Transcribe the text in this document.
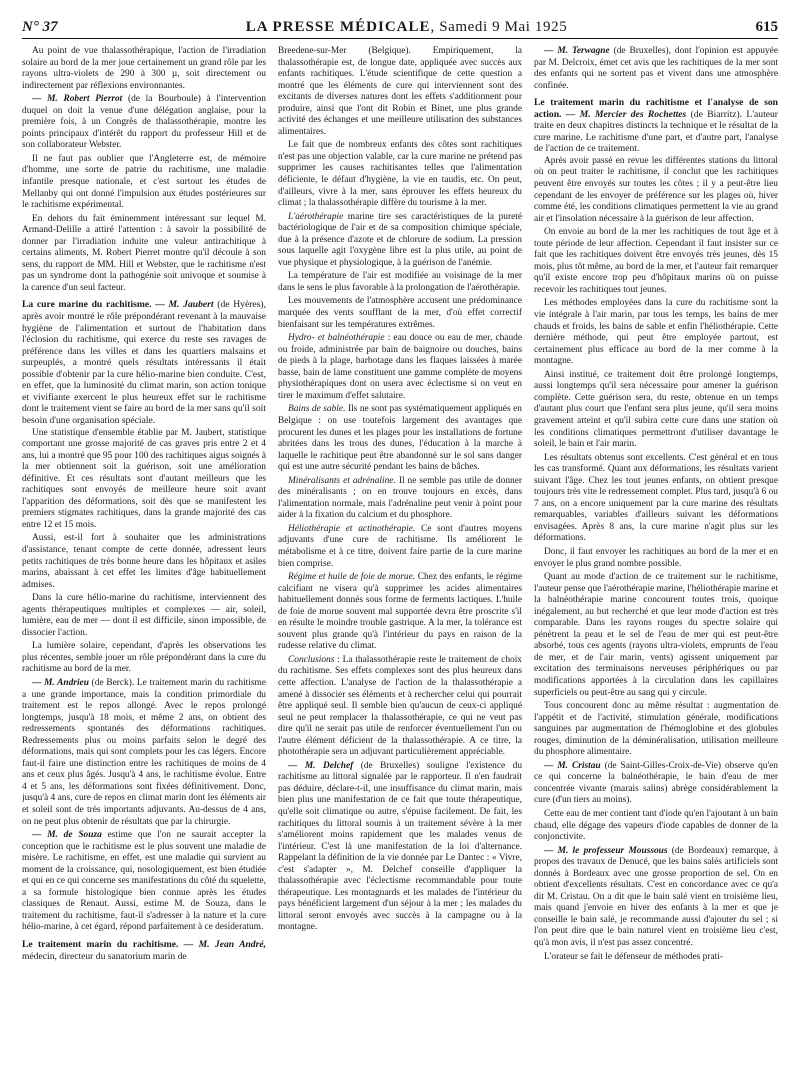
N° 37	LA PRESSE MÉDICALE, Samedi 9 Mai 1925	615

Au point de vue thalassothérapique, l'action de l'irradiation solaire au bord de la mer joue certainement un grand rôle par les rayons ultra-violets de 290 à 300 µ, soit directement ou indirectement par réflexions environnantes.

— M. Robert Pierrot (de la Bourboule) à l'intervention duquel on doit la venue d'une délégation anglaise, pour la première fois, à un Congrès de thalassothérapie, montre les points principaux d'intérêt du rapport du professeur Hill et de son collaborateur Webster.

Il ne faut pas oublier que l'Angleterre est, de mémoire d'homme, une sorte de patrie du rachitisme, une maladie infantile presque nationale, et c'est surtout les études de Mellanby qui ont donné l'impulsion aux études postérieures sur le rachitisme expérimental.

En dehors du fait éminemment intéressant sur lequel M. Armand-Delille a attiré l'attention : à savoir la possibilité de donner par l'irradiation induite une valeur antirachitique à certains aliments, M. Robert Pierret montre qu'il découle à son sens, du rapport de MM. Hill et Webster, que le rachitisme n'est pas un syndrome dont la pathogénie soit univoque et soumise à la carence d'un seul facteur.

La cure marine du rachitisme. — M. Jaubert (de Hyères), après avoir montré le rôle prépondérant revenant à la mauvaise hygiène de l'alimentation et surtout de l'habitation dans l'éclosion du rachitisme, qui exerce du reste ses ravages de préférence dans les villes et dans les quartiers malsains et surpeuplés, a montré quels résultats intéressants il était possible d'obtenir par la cure hélio-marine bien conduite. C'est, en effet, que la luminosité du climat marin, son action tonique et vivifiante exercent le plus heureux effet sur le rachitisme dont le traitement vient se faire au bord de la mer sans qu'il soit besoin d'une organisation spéciale.

Une statistique d'ensemble établie par M. Jaubert, statistique comportant une grosse majorité de cas graves pris entre 2 et 4 ans, lui a montré que 95 pour 100 des rachitiques aigus soignés à la mer obtiennent soit la guérison, soit une amélioration définitive. Et ces résultats sont d'autant meilleurs que les rachitiques sont envoyés de meilleure heure soit avant l'apparition des déformations, soit dès que se manifestent les premiers stigmates rachitiques, dans la grande majorité des cas entre 12 et 15 mois.

Aussi, est-il fort à souhaiter que les administrations d'assistance, tenant compte de cette donnée, adressent leurs petits rachitiques de très bonne heure dans les hôpitaux et asiles marins, abaissant à cet effet les limites d'âge habituellement admises.

Dans la cure hélio-marine du rachitisme, interviennent des agents thérapeutiques multiples et complexes — air, soleil, lumière, eau de mer — dont il est difficile, sinon impossible, de dissocier l'action.

La lumière solaire, cependant, d'après les observations les plus récentes, semble jouer un rôle prépondérant dans la cure du rachitisme au bord de la mer.

— M. Andrieu (de Berck). Le traitement marin du rachitisme a une grande importance, mais la condition primordiale du traitement est le repos allongé. Avec le repos prolongé longtemps, jusqu'à 18 mois, et même 2 ans, on obtient des redressements spontanés des déformations rachitiques. Redressements plus ou moins parfaits selon le degré des déformations, mais qui sont complets pour les cas légers. Encore faut-il faire une distinction entre les rachitiques de moins de 4 ans et ceux plus âgés. Jusqu'à 4 ans, le rachitisme évolue. Entre 4 et 5 ans, les déformations sont fixées définitivement. Donc, jusqu'à 4 ans, cure de repos en climat marin dont les éléments air et soleil sont de très importants adjuvants. Au-dessus de 4 ans, on ne peut plus obtenir de résultats que par la chirurgie.

— M. de Souza estime que l'on ne saurait accepter la conception que le rachitisme est le plus souvent une maladie de misère. Le rachitisme, en effet, est une maladie qui survient au moment de la croissance, qui, nosologiquement, est bien étudiée et qui en ce qui concerne ses manifestations du côté du squelette, a sa formule histologique bien connue après les études classiques de Renaut. Aussi, estime M. de Souza, dans le traitement du rachitisme, faut-il s'adresser à la nature et la cure hélio-marine, à cet égard, répond parfaitement à ce desideratum.

Le traitement marin du rachitisme. — M. Jean André, médecin, directeur du sanatorium marin de

Breedene-sur-Mer (Belgique). Empiriquement, la thalassothérapie est, de longue date, appliquée avec succès aux enfants rachitiques. L'étude scientifique de cette question a montré que les éléments de cure qui interviennent sont des excitants de diverses natures dont les effets s'additionnent pour produire, ainsi que l'ont dit Robin et Binet, une plus grande activité des échanges et une meilleure utilisation des substances alimentaires.

Le fait que de nombreux enfants des côtes sont rachitiques n'est pas une objection valable, car la cure marine ne prétend pas supprimer les causes rachitisantes telles que l'alimentation déficiente, le défaut d'hygiène, la vie en taudis, etc. On peut, d'ailleurs, vivre à la mer, sans éprouver les effets heureux du climat ; la thalassothérapie diffère du tourisme à la mer.

L'aérothérapie marine tire ses caractéristiques de la pureté bactériologique de l'air et de sa composition chimique spéciale, due à la présence d'azote et de chlorure de sodium. La pression sous laquelle agit l'oxygène libre est la plus utile, au point de vue physique et physiologique, à la guérison de l'anémie.

La température de l'air est modifiée au voisinage de la mer dans le sens le plus favorable à la prolongation de l'aérothérapie.

Les mouvements de l'atmosphère accusent une prédominance marquée des vents soufflant de la mer, d'où effet correctif bienfaisant sur les températures extrêmes.

Hydro- et balnéothérapie : eau douce ou eau de mer, chaude ou froide, administrée par bain de baignoire ou douches, bains de pieds à la plage, barbotage dans les flaques laissées à marée basse, bain de lame constituent une gamme complète de moyens physiothérapiques dont on usera avec éclectisme si on veut en tirer le maximum d'effet salutaire.

Bains de sable. Ils ne sont pas systématiquement appliqués en Belgique : on use toutefois largement des avantages que procurent les dunes et les plages pour les installations de fortune abritées dans les trous des dunes, l'éducation à la marche à laquelle le rachitique peut être abandonné sur le sol sans danger qui est une autre sécurité pendant les bains de bâches.

Minéralisants et adrénaline. Il ne semble pas utile de donner des minéralisants ; on en trouve toujours en excès, dans l'alimentation normale, mais l'adrénaline peut venir à point pour aider à la fixation du calcium et du phosphore.

Héliothérapie et actinothérapie. Ce sont d'autres moyens adjuvants d'une cure de rachitisme. Ils améliorent le métabolisme et à ce titre, doivent faire partie de la cure marine bien comprise.

Régime et huile de foie de morue. Chez des enfants, le régime calcifiant ne visera qu'à supprimer les acides alimentaires habituellement donnés sous forme de ferments lactiques. L'huile de foie de morue souvent mal supportée devra être proscrite s'il en résulte le moindre trouble gastrique. A la mer, la tolérance est souvent plus grande qu'à l'intérieur du pays en raison de la rudesse relative du climat.

Conclusions : La thalassothérapie reste le traitement de choix du rachitisme. Ses effets complexes sont des plus heureux dans cette affection. L'analyse de l'action de la thalassothérapie a amené à dissocier ses éléments et à rechercher celui qui pourrait être appliqué seul. Il semble bien qu'aucun de ceux-ci appliqué seul ne peut remplacer la thalassothérapie, ce qui ne veut pas dire qu'il ne serait pas utile de renforcer éventuellement l'un ou l'autre élément déficient de la thalassothérapie. A ce titre, la photothérapie sera un adjuvant particulièrement appréciable.

— M. Delchef (de Bruxelles) souligne l'existence du rachitisme au littoral signalée par le rapporteur. Il n'en faudrait pas déduire, déclare-t-il, une insuffisance du climat marin, mais bien plus une manifestation de ce fait que toute thérapeutique, qu'elle soit climatique ou autre, s'épuise facilement. De fait, les rachitiques du littoral soumis à un traitement sévère à la mer s'améliorent moins rapidement que les malades venus de l'intérieur. C'est là une manifestation de la loi d'alternance. Rappelant la définition de la vie donnée par Le Dantec : « Vivre, c'est s'adapter », M. Delchef conseille d'appliquer la thalassothérapie avec l'éclectisme recommandable pour toute thérapeutique. Les montagnards et les malades de l'intérieur du pays bénéficient largement d'un séjour à la mer ; les malades du littoral seront envoyés avec succès à la campagne ou à la montagne.

— M. Terwagne (de Bruxelles), dont l'opinion est appuyée par M. Delcroix, émet cet avis que les rachitiques de la mer sont des enfants qui ne sortent pas et vivent dans une atmosphère confinée.

Le traitement marin du rachitisme et l'analyse de son action. — M. Mercier des Rochettes (de Biarritz). L'auteur traite en deux chapitres distincts la technique et le résultat de la cure marine. Le rachitisme d'une part, et d'autre part, l'analyse de l'action de ce traitement.

Après avoir passé en revue les différentes stations du littoral où on peut traiter le rachitisme, il conclut que les rachitiques peuvent être envoyés sur toutes les côtes ; il y a peut-être lieu cependant de les envoyer de préférence sur les plages où, hiver comme été, les conditions climatiques permettent la vie au grand air et l'insolation nécessaire à la guérison de leur affection.

On envoie au bord de la mer les rachitiques de tout âge et à toute période de leur affection. Cependant il faut insister sur ce fait que les rachitiques doivent être envoyés très jeunes, dès 15 mois, plus tôt même, au bord de la mer, et l'auteur fait remarquer qu'il existe encore trop peu d'hôpitaux marins où on puisse recevoir les rachitiques tout jeunes.

Les méthodes employées dans la cure du rachitisme sont la vie intégrale à l'air marin, par tous les temps, les bains de mer chauds et froids, les bains de sable et enfin l'héliothérapie. Cette dernière méthode, qui peut être employée partout, est certainement plus efficace au bord de la mer comme à la montagne.

Ainsi institué, ce traitement doit être prolongé longtemps, aussi longtemps qu'il sera nécessaire pour amener la guérison complète. Cette guérison sera, du reste, obtenue en un temps d'autant plus court que l'enfant sera plus jeune, qu'il sera moins gravement atteint et qu'il subira cette cure dans une station où les conditions climatiques permettront d'utiliser davantage le soleil, le bain et l'air marin.

Les résultats obtenus sont excellents. C'est général et en tous les cas transformé. Quant aux déformations, les résultats varient suivant l'âge. Chez les tout jeunes enfants, on obtient presque toujours très vite le redressement complet. Plus tard, jusqu'à 6 ou 7 ans, on a encore uniquement par la cure marine des résultats remarquables, variables d'ailleurs suivant les déformations envisagées. Après 8 ans, la cure marine n'agit plus sur les déformations.

Donc, il faut envoyer les rachitiques au bord de la mer et en envoyer le plus grand nombre possible.

Quant au mode d'action de ce traitement sur le rachitisme, l'auteur pense que l'aérothérapie marine, l'héliothérapie marine et la balnéothérapie marine concourent toutes trois, quoique inégalement, au but recherché et que leur mode d'action est très comparable. Dans les rayons rouges du spectre solaire qui pénètrent la peau et le sel de l'eau de mer qui est peut-être absorbé, tous ces agents (rayons ultra-violets, emprunts de l'eau de mer, et de l'air marin, vents) agissent uniquement par excitation des terminaisons nerveuses périphériques ou par modifications apportées à la circulation dans les capillaires superficiels ou peut-être au sang qui y circule.

Tous concourent donc au même résultat : augmentation de l'appétit et de l'activité, stimulation générale, modifications sanguines par augmentation de l'hémoglobine et des globules rouges, diminution de la déminéralisation, utilisation meilleure du phosphore alimentaire.

— M. Cristau (de Saint-Gilles-Croix-de-Vie) observe qu'en ce qui concerne la balnéothérapie, le bain d'eau de mer concentrée vivante (marais salins) abrège considérablement la cure (d'un tiers au moins).

Cette eau de mer contient tant d'iode qu'en l'ajoutant à un bain chaud, elle dégage des vapeurs d'iode capables de donner de la conjonctivite.

— M. le professeur Moussous (de Bordeaux) remarque, à propos des travaux de Denucé, que les bains salés artificiels sont donnés à Bordeaux avec une grosse proportion de sel. On en obtient d'excellents résultats. C'est en concordance avec ce qu'a dit M. Cristau. On a dit que le bain salé vient en troisième lieu, mais quand j'envoie en hiver des enfants à la mer et que je conseille le bain salé, je recommande aussi d'ajouter du sel ; si l'on peut dire que le bain naturel vient en troisième lieu c'est, qu'à mon avis, il n'est pas assez concentré.

L'orateur se fait le défenseur de méthodes prati-
